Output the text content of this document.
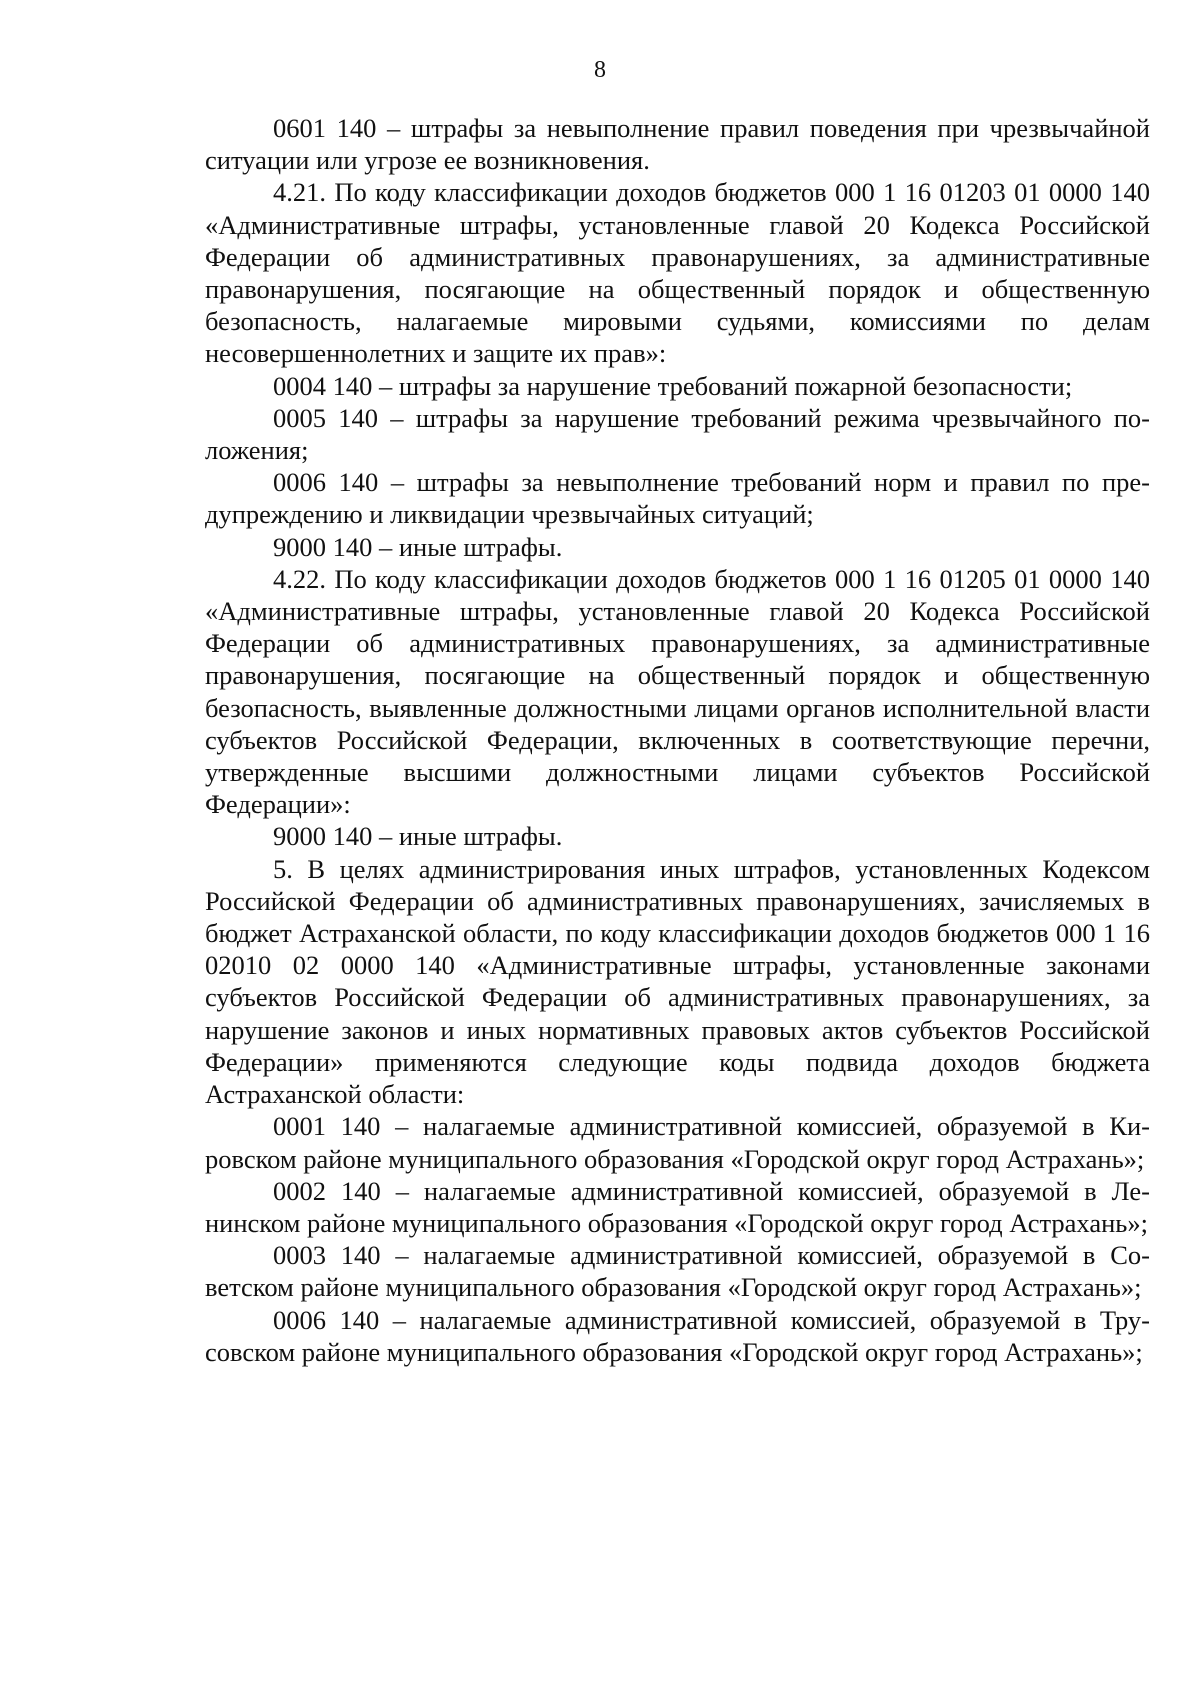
8

0601 140 – штрафы за невыполнение правил поведения при чрезвычайной ситуации или угрозе ее возникновения.

4.21. По коду классификации доходов бюджетов 000 1 16 01203 01 0000 140 «Административные штрафы, установленные главой 20 Кодекса Российской Федерации об административных правонарушениях, за административные правонарушения, посягающие на общественный порядок и общественную безопасность, налагаемые мировыми судьями, комиссиями по делам несовершеннолетних и защите их прав»:

0004 140 – штрафы за нарушение требований пожарной безопасности;

0005 140 – штрафы за нарушение требований режима чрезвычайного положения;

0006 140 – штрафы за невыполнение требований норм и правил по предупреждению и ликвидации чрезвычайных ситуаций;

9000 140 – иные штрафы.

4.22. По коду классификации доходов бюджетов 000 1 16 01205 01 0000 140 «Административные штрафы, установленные главой 20 Кодекса Российской Федерации об административных правонарушениях, за административные правонарушения, посягающие на общественный порядок и общественную безопасность, выявленные должностными лицами органов исполнительной власти субъектов Российской Федерации, включенных в соответствующие перечни, утвержденные высшими должностными лицами субъектов Российской Федерации»:

9000 140 – иные штрафы.

5. В целях администрирования иных штрафов, установленных Кодексом Российской Федерации об административных правонарушениях, зачисляемых в бюджет Астраханской области, по коду классификации доходов бюджетов 000 1 16 02010 02 0000 140 «Административные штрафы, установленные законами субъектов Российской Федерации об административных правонарушениях, за нарушение законов и иных нормативных правовых актов субъектов Российской Федерации» применяются следующие коды подвида доходов бюджета Астраханской области:

0001 140 – налагаемые административной комиссией, образуемой в Кировском районе муниципального образования «Городской округ город Астрахань»;

0002 140 – налагаемые административной комиссией, образуемой в Ленинском районе муниципального образования «Городской округ город Астрахань»;

0003 140 – налагаемые административной комиссией, образуемой в Советском районе муниципального образования «Городской округ город Астрахань»;

0006 140 – налагаемые административной комиссией, образуемой в Трусовском районе муниципального образования «Городской округ город Астрахань»;
